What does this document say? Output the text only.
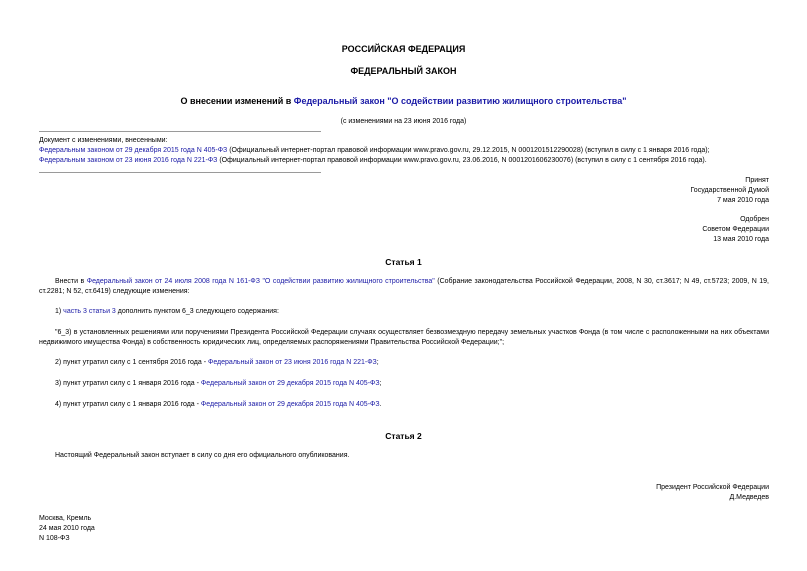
РОССИЙСКАЯ ФЕДЕРАЦИЯ
ФЕДЕРАЛЬНЫЙ ЗАКОН
О внесении изменений в Федеральный закон "О содействии развитию жилищного строительства"
(с изменениями на 23 июня 2016 года)

Документ с изменениями, внесенными:

Федеральным законом от 29 декабря 2015 года N 405-ФЗ (Официальный интернет-портал правовой информации www.pravo.gov.ru, 29.12.2015, N 0001201512290028) (вступил в силу с 1 января 2016 года);

Федеральным законом от 23 июня 2016 года N 221-ФЗ (Официальный интернет-портал правовой информации www.pravo.gov.ru, 23.06.2016, N 0001201606230076) (вступил в силу с 1 сентября 2016 года).

Принят

Государственной Думой

7 мая 2010 года

Одобрен

Советом Федерации

13 мая 2010 года

Статья 1
Внести в Федеральный закон от 24 июля 2008 года N 161-ФЗ "О содействии развитию жилищного строительства" (Собрание законодательства Российской Федерации, 2008, N 30, ст.3617; N 49, ст.5723; 2009, N 19, ст.2281; N 52, ст.6419) следующие изменения:
1) часть 3 статьи 3 дополнить пунктом 6_3 следующего содержания:
"6_3) в установленных решениями или поручениями Президента Российской Федерации случаях осуществляет безвозмездную передачу земельных участков Фонда (в том числе с расположенными на них объектами недвижимого имущества Фонда) в собственность юридических лиц, определяемых распоряжениями Правительства Российской Федерации;";
2) пункт утратил силу с 1 сентября 2016 года - Федеральный закон от 23 июня 2016 года N 221-ФЗ;
3) пункт утратил силу с 1 января 2016 года - Федеральный закон от 29 декабря 2015 года N 405-ФЗ;
4) пункт утратил силу с 1 января 2016 года - Федеральный закон от 29 декабря 2015 года N 405-ФЗ.
Статья 2
Настоящий Федеральный закон вступает в силу со дня его официального опубликования.

Президент Российской Федерации

Д.Медведев

Москва, Кремль

24 мая 2010 года

N 108-ФЗ
